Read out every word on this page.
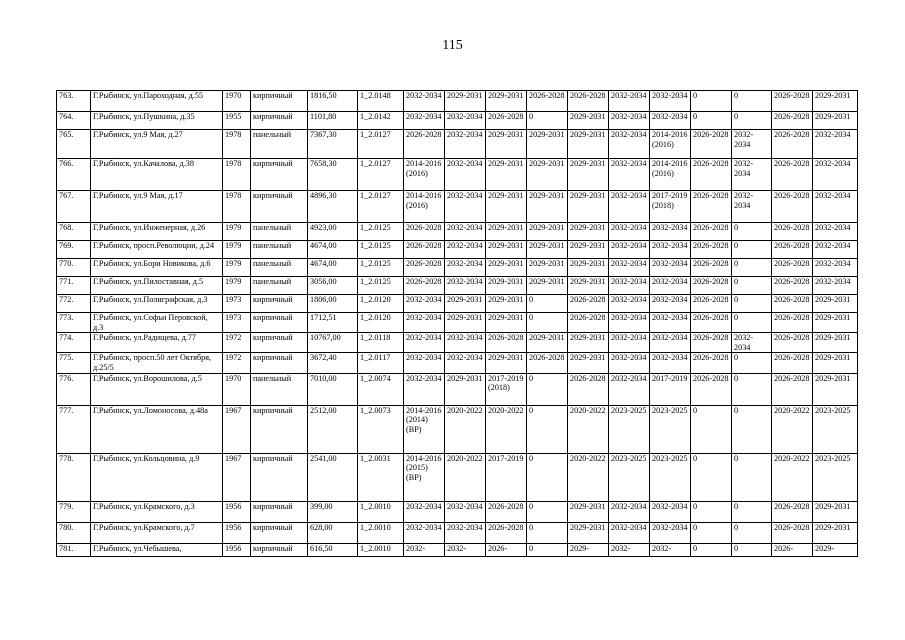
115
763.	Г.Рыбинск, ул.Пароходная, д.55	1970	кирпичный	1816,50	1_2.0148	2032-2034	2029-2031	2029-2031	2026-2028	2026-2028	2032-2034	2032-2034	0	0	2026-2028	2029-2031
764.	Г.Рыбинск, ул.Пушкина, д.35	1955	кирпичный	1101,80	1_2.0142	2032-2034	2032-2034	2026-2028	0	2029-2031	2032-2034	2032-2034	0	0	2026-2028	2029-2031
765.	Г.Рыбинск, ул.9 Мая, д.27	1978	панельный	7367,30	1_2.0127	2026-2028	2032-2034	2029-2031	2029-2031	2029-2031	2032-2034	2014-2016 (2016)	2026-2028	2032-2034	2026-2028	2032-2034
766.	Г.Рыбинск, ул.Качалова, д.38	1978	кирпичный	7658,30	1_2.0127	2014-2016 (2016)	2032-2034	2029-2031	2029-2031	2029-2031	2032-2034	2014-2016 (2016)	2026-2028	2032-2034	2026-2028	2032-2034
767.	Г.Рыбинск, ул.9 Мая, д.17	1978	кирпичный	4896,30	1_2.0127	2014-2016 (2016)	2032-2034	2029-2031	2029-2031	2029-2031	2032-2034	2017-2019 (2018)	2026-2028	2032-2034	2026-2028	2032-2034
768.	Г.Рыбинск, ул.Инженерная, д.26	1979	панельный	4923,00	1_2.0125	2026-2028	2032-2034	2029-2031	2029-2031	2029-2031	2032-2034	2032-2034	2026-2028	0	2026-2028	2032-2034
769.	Г.Рыбинск, просп.Революции, д.24	1979	панельный	4674,00	1_2.0125	2026-2028	2032-2034	2029-2031	2029-2031	2029-2031	2032-2034	2032-2034	2026-2028	0	2026-2028	2032-2034
770.	Г.Рыбинск, ул.Бори Новикова, д.6	1979	панельный	4674,00	1_2.0125	2026-2028	2032-2034	2029-2031	2029-2031	2029-2031	2032-2034	2032-2034	2026-2028	0	2026-2028	2032-2034
771.	Г.Рыбинск, ул.Пилоставная, д.5	1979	панельный	3056,00	1_2.0125	2026-2028	2032-2034	2029-2031	2029-2031	2029-2031	2032-2034	2032-2034	2026-2028	0	2026-2028	2032-2034
772.	Г.Рыбинск, ул.Полиграфская, д.3	1973	кирпичный	1806,00	1_2.0120	2032-2034	2029-2031	2029-2031	0	2026-2028	2032-2034	2032-2034	2026-2028	0	2026-2028	2029-2031
773.	Г.Рыбинск, ул.Софьи Перовской, д.3	1973	кирпичный	1712,51	1_2.0120	2032-2034	2029-2031	2029-2031	0	2026-2028	2032-2034	2032-2034	2026-2028	0	2026-2028	2029-2031
774.	Г.Рыбинск, ул.Радищева, д.77	1972	кирпичный	10767,00	1_2.0118	2032-2034	2032-2034	2026-2028	2029-2031	2029-2031	2032-2034	2032-2034	2026-2028	2032-2034	2026-2028	2029-2031
775.	Г.Рыбинск, просп.50 лет Октября, д.25/5	1972	кирпичный	3672,40	1_2.0117	2032-2034	2032-2034	2029-2031	2026-2028	2029-2031	2032-2034	2032-2034	2026-2028	0	2026-2028	2029-2031
776.	Г.Рыбинск, ул.Ворошилова, д.5	1970	панельный	7010,00	1_2.0074	2032-2034	2029-2031	2017-2019 (2018)	0	2026-2028	2032-2034	2017-2019	2026-2028	0	2026-2028	2029-2031
777.	Г.Рыбинск, ул.Ломоносова, д.48а	1967	кирпичный	2512,00	1_2.0073	2014-2016 (2014) (ВР)	2020-2022	2020-2022	0	2020-2022	2023-2025	2023-2025	0	0	2020-2022	2023-2025
778.	Г.Рыбинск, ул.Кольцовина, д.9	1967	кирпичный	2541,00	1_2.0031	2014-2016 (2015) (ВР)	2020-2022	2017-2019	0	2020-2022	2023-2025	2023-2025	0	0	2020-2022	2023-2025
779.	Г.Рыбинск, ул.Крамского, д.3	1956	кирпичный	399,00	1_2.0010	2032-2034	2032-2034	2026-2028	0	2029-2031	2032-2034	2032-2034	0	0	2026-2028	2029-2031
780.	Г.Рыбинск, ул.Крамского, д.7	1956	кирпичный	628,00	1_2.0010	2032-2034	2032-2034	2026-2028	0	2029-2031	2032-2034	2032-2034	0	0	2026-2028	2029-2031
781.	Г.Рыбинск, ул.Чебышева,	1956	кирпичный	616,50	1_2.0010	2032-	2032-	2026-	0	2029-	2032-	2032-	0	0	2026-	2029-
